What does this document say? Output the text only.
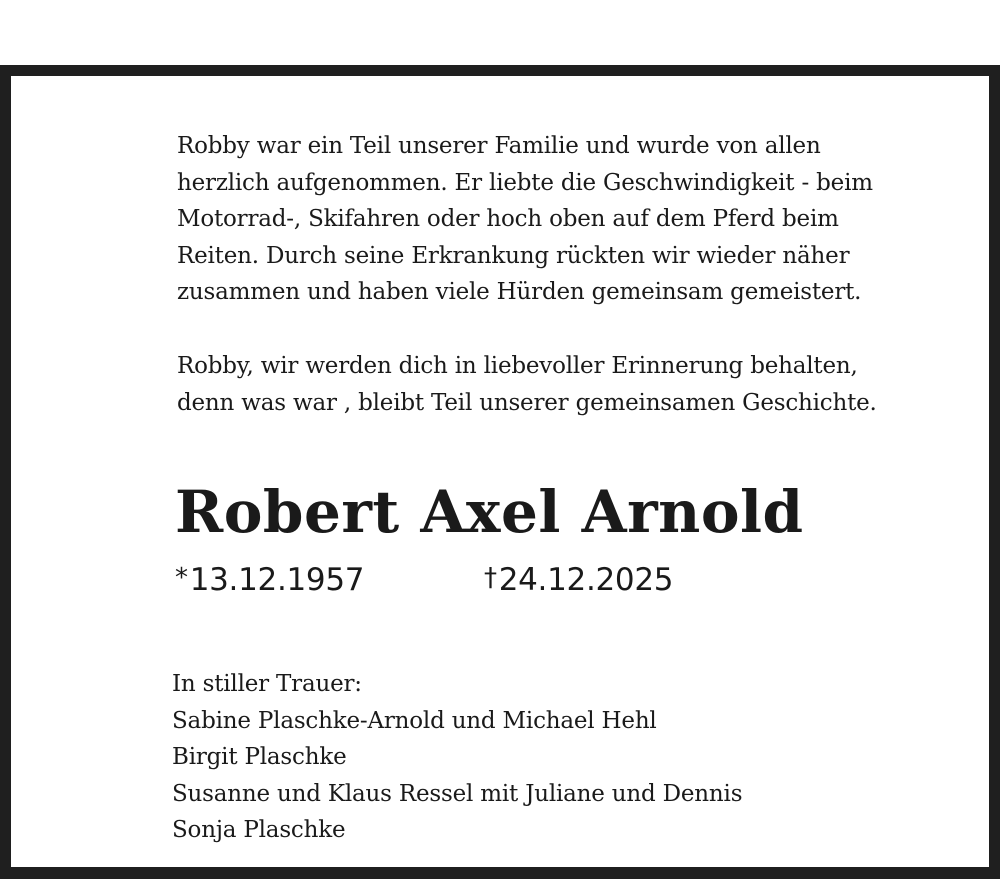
Robby war ein Teil unserer Familie und wurde von allen
herzlich aufgenommen. Er liebte die Geschwindigkeit - beim
Motorrad-, Skifahren oder hoch oben auf dem Pferd beim
Reiten. Durch seine Erkrankung rückten wir wieder näher
zusammen und haben viele Hürden gemeinsam gemeistert.

Robby, wir werden dich in liebevoller Erinnerung behalten,
denn was war , bleibt Teil unserer gemeinsamen Geschichte.

Robert Axel Arnold
*13.12.1957	†24.12.2025

In stiller Trauer:
Sabine Plaschke-Arnold und Michael Hehl
Birgit Plaschke
Susanne und Klaus Ressel mit Juliane und Dennis
Sonja Plaschke
